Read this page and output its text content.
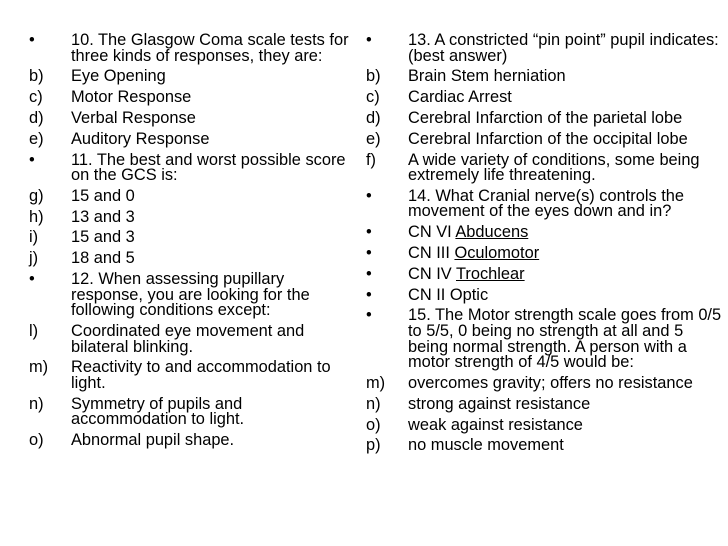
•	10. The Glasgow Coma scale tests for three kinds of responses, they are:
b)	Eye Opening
c)	Motor Response
d)	Verbal Response
e)	Auditory Response
•	11. The best and worst possible score on the GCS is:
g)	15 and 0
h)	13 and 3
i)	15 and 3
j)	18 and 5
•	12. When assessing pupillary response, you are looking for the following conditions except:
l)	Coordinated eye movement and bilateral blinking.
m)	Reactivity to and accommodation to light.
n)	Symmetry of pupils and accommodation to light.
o)	Abnormal pupil shape.
•	13. A constricted “pin point” pupil indicates: (best answer)
b)	Brain Stem herniation
c)	Cardiac Arrest
d)	Cerebral Infarction of the parietal lobe
e)	Cerebral Infarction of the occipital lobe
f)	A wide variety of conditions, some being extremely life threatening.
•	14. What Cranial nerve(s) controls the movement of the eyes down and in?
•	CN VI Abducens
•	CN III Oculomotor
•	CN IV Trochlear
•	CN II Optic
•	15. The Motor strength scale goes from 0/5 to 5/5, 0 being no strength at all and 5 being normal strength. A person with a motor strength of 4/5 would be:
m)	overcomes gravity; offers no resistance
n)	strong against resistance
o)	weak against resistance
p)	no muscle movement
